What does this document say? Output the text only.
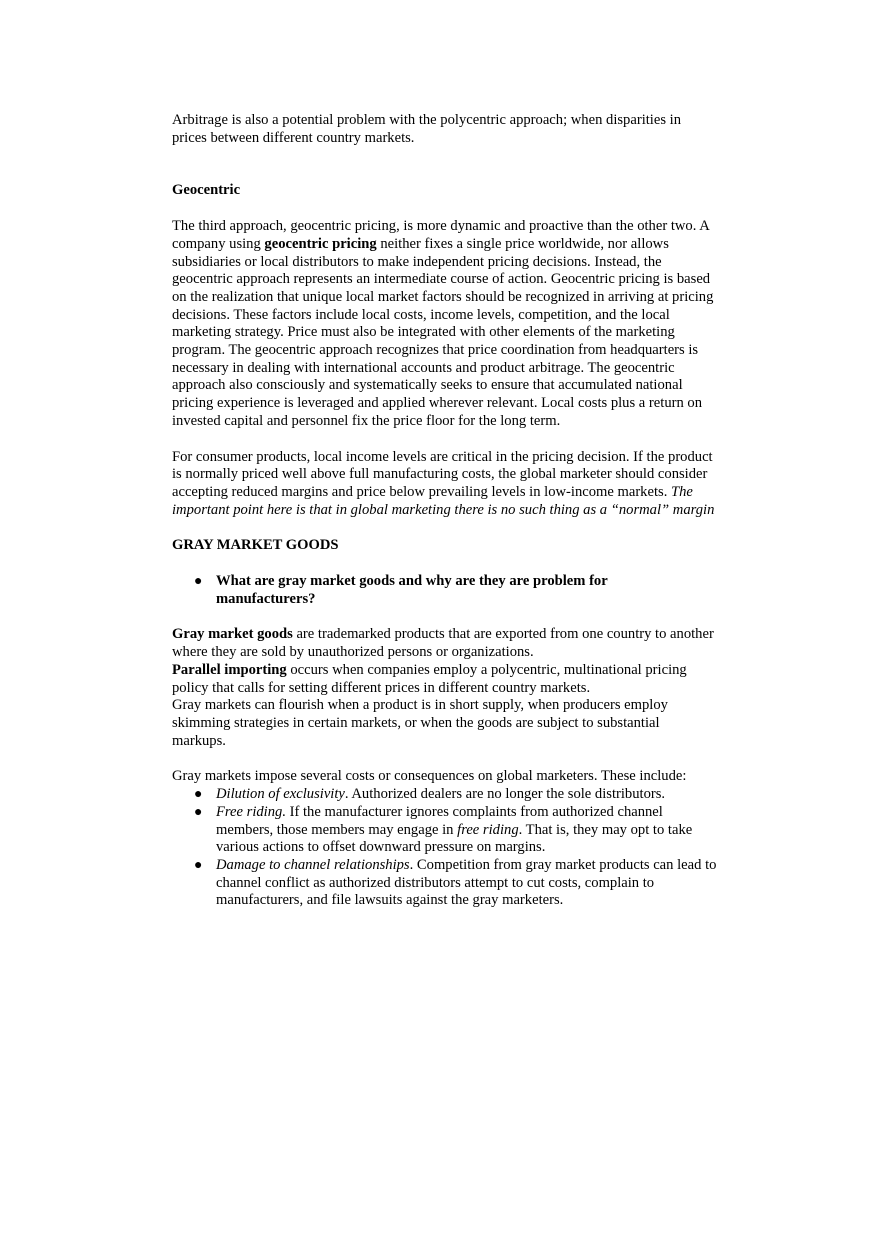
Arbitrage is also a potential problem with the polycentric approach; when disparities in prices between different country markets.

Geocentric

The third approach, geocentric pricing, is more dynamic and proactive than the other two. A company using geocentric pricing neither fixes a single price worldwide, nor allows subsidiaries or local distributors to make independent pricing decisions. Instead, the geocentric approach represents an intermediate course of action. Geocentric pricing is based on the realization that unique local market factors should be recognized in arriving at pricing decisions. These factors include local costs, income levels, competition, and the local marketing strategy. Price must also be integrated with other elements of the marketing program. The geocentric approach recognizes that price coordination from headquarters is necessary in dealing with international accounts and product arbitrage. The geocentric approach also consciously and systematically seeks to ensure that accumulated national pricing experience is leveraged and applied wherever relevant. Local costs plus a return on invested capital and personnel fix the price floor for the long term.

For consumer products, local income levels are critical in the pricing decision. If the product is normally priced well above full manufacturing costs, the global marketer should consider accepting reduced margins and price below prevailing levels in low-income markets. The important point here is that in global marketing there is no such thing as a “normal” margin

GRAY MARKET GOODS

● What are gray market goods and why are they are problem for manufacturers?

Gray market goods are trademarked products that are exported from one country to another where they are sold by unauthorized persons or organizations.

Parallel importing occurs when companies employ a polycentric, multinational pricing policy that calls for setting different prices in different country markets.

Gray markets can flourish when a product is in short supply, when producers employ skimming strategies in certain markets, or when the goods are subject to substantial markups.

Gray markets impose several costs or consequences on global marketers. These include:

● Dilution of exclusivity. Authorized dealers are no longer the sole distributors.
● Free riding. If the manufacturer ignores complaints from authorized channel members, those members may engage in free riding. That is, they may opt to take various actions to offset downward pressure on margins.
● Damage to channel relationships. Competition from gray market products can lead to channel conflict as authorized distributors attempt to cut costs, complain to manufacturers, and file lawsuits against the gray marketers.
